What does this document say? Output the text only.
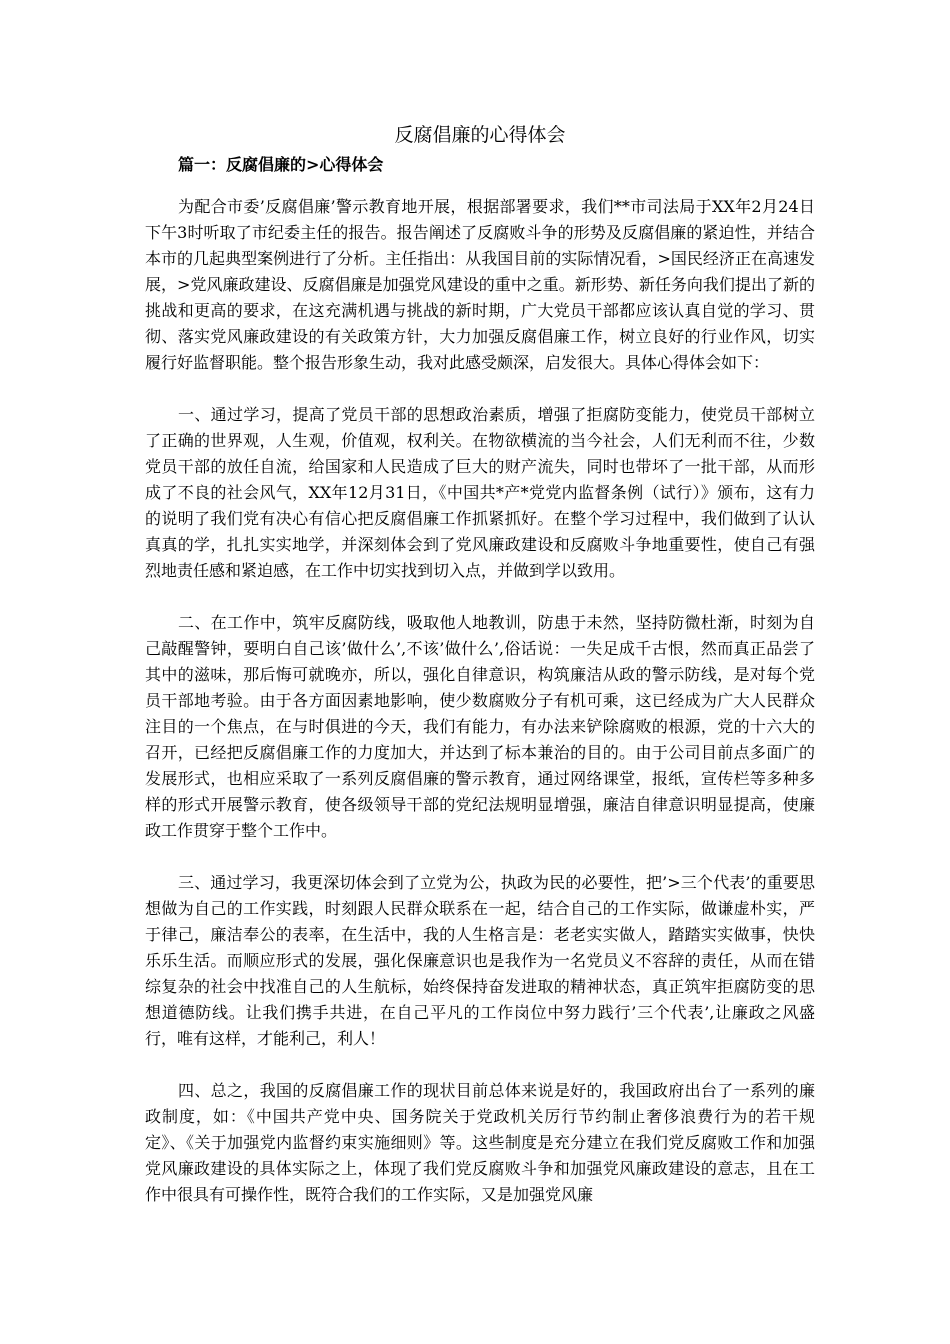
反腐倡廉的心得体会
篇一：反腐倡廉的>心得体会

为配合市委’反腐倡廉’警示教育地开展，根据部署要求，我们**市司法局于XX年2月24日下午3时听取了市纪委主任的报告。报告阐述了反腐败斗争的形势及反腐倡廉的紧迫性，并结合本市的几起典型案例进行了分析。主任指出：从我国目前的实际情况看，>国民经济正在高速发展，>党风廉政建设、反腐倡廉是加强党风建设的重中之重。新形势、新任务向我们提出了新的挑战和更高的要求，在这充满机遇与挑战的新时期，广大党员干部都应该认真自觉的学习、贯彻、落实党风廉政建设的有关政策方针，大力加强反腐倡廉工作，树立良好的行业作风，切实履行好监督职能。整个报告形象生动，我对此感受颇深，启发很大。具体心得体会如下：

一、通过学习，提高了党员干部的思想政治素质，增强了拒腐防变能力，使党员干部树立了正确的世界观，人生观，价值观，权利关。在物欲横流的当今社会，人们无利而不往，少数党员干部的放任自流，给国家和人民造成了巨大的财产流失，同时也带坏了一批干部，从而形成了不良的社会风气，XX年12月31日，《中国共*产*党党内监督条例（试行）》颁布，这有力的说明了我们党有决心有信心把反腐倡廉工作抓紧抓好。在整个学习过程中，我们做到了认认真真的学，扎扎实实地学，并深刻体会到了党风廉政建设和反腐败斗争地重要性，使自己有强烈地责任感和紧迫感，在工作中切实找到切入点，并做到学以致用。

二、在工作中，筑牢反腐防线，吸取他人地教训，防患于未然，坚持防微杜渐，时刻为自己敲醒警钟，要明白自己该’做什么’,不该’做什么’,俗话说：一失足成千古恨，然而真正品尝了其中的滋味，那后悔可就晚亦，所以，强化自律意识，构筑廉洁从政的警示防线，是对每个党员干部地考验。由于各方面因素地影响，使少数腐败分子有机可乘，这已经成为广大人民群众注目的一个焦点，在与时俱进的今天，我们有能力，有办法来铲除腐败的根源，党的十六大的召开，已经把反腐倡廉工作的力度加大，并达到了标本兼治的目的。由于公司目前点多面广的发展形式，也相应采取了一系列反腐倡廉的警示教育，通过网络课堂，报纸，宣传栏等多种多样的形式开展警示教育，使各级领导干部的党纪法规明显增强，廉洁自律意识明显提高，使廉政工作贯穿于整个工作中。

三、通过学习，我更深切体会到了立党为公，执政为民的必要性，把’>三个代表’的重要思想做为自己的工作实践，时刻跟人民群众联系在一起，结合自己的工作实际，做谦虚朴实，严于律己，廉洁奉公的表率，在生活中，我的人生格言是：老老实实做人，踏踏实实做事，快快乐乐生活。而顺应形式的发展，强化保廉意识也是我作为一名党员义不容辞的责任，从而在错综复杂的社会中找准自己的人生航标，始终保持奋发进取的精神状态，真正筑牢拒腐防变的思想道德防线。让我们携手共进，在自己平凡的工作岗位中努力践行’三个代表’,让廉政之风盛行，唯有这样，才能利己，利人！

四、总之，我国的反腐倡廉工作的现状目前总体来说是好的，我国政府出台了一系列的廉政制度，如：《中国共产党中央、国务院关于党政机关厉行节约制止奢侈浪费行为的若干规定》、《关于加强党内监督约束实施细则》等。这些制度是充分建立在我们党反腐败工作和加强党风廉政建设的具体实际之上，体现了我们党反腐败斗争和加强党风廉政建设的意志，且在工作中很具有可操作性，既符合我们的工作实际，又是加强党风廉
